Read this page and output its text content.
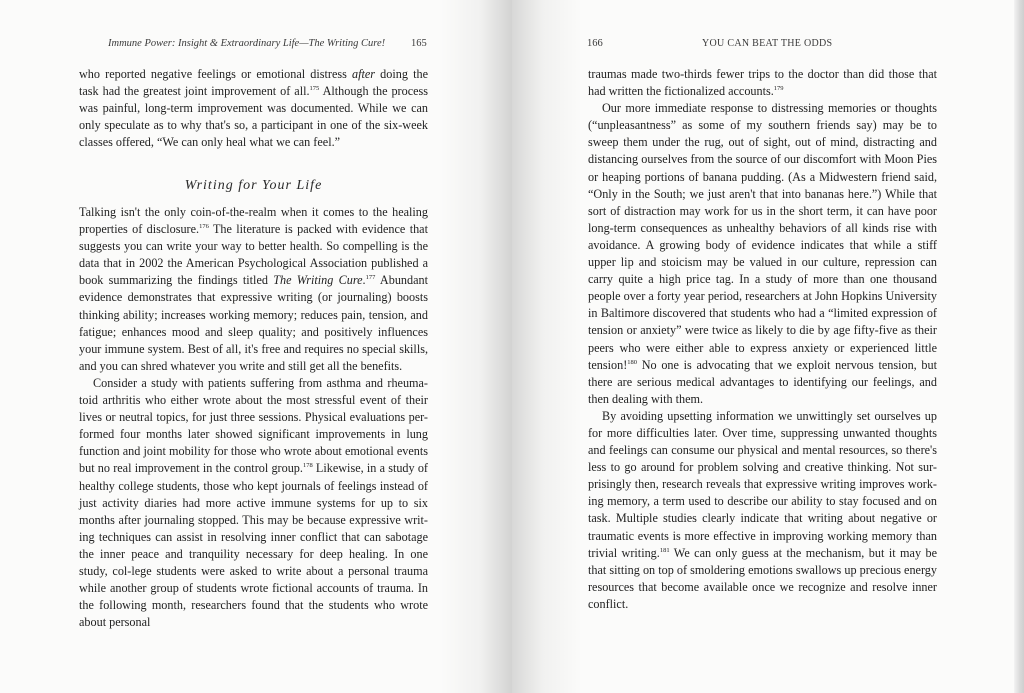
Immune Power: Insight & Extraordinary Life—The Writing Cure! 165

who reported negative feelings or emotional distress after doing the task had the greatest joint improvement of all.$^{175}$ Although the process was painful, long-term improvement was documented. While we can only speculate as to why that's so, a participant in one of the six-week classes offered, “We can only heal what we can feel.”

Writing for Your Life

Talking isn't the only coin-of-the-realm when it comes to the healing properties of disclosure.$^{176}$ The literature is packed with evidence that suggests you can write your way to better health. So compelling is the data that in 2002 the American Psychological Association published a book summarizing the findings titled The Writing Cure.$^{177}$ Abundant evidence demonstrates that expressive writing (or journaling) boosts thinking ability; increases working memory; reduces pain, tension, and fatigue; enhances mood and sleep quality; and positively influences your immune system. Best of all, it's free and requires no special skills, and you can shred whatever you write and still get all the benefits.

Consider a study with patients suffering from asthma and rheuma-toid arthritis who either wrote about the most stressful event of their lives or neutral topics, for just three sessions. Physical evaluations per-formed four months later showed significant improvements in lung function and joint mobility for those who wrote about emotional events but no real improvement in the control group.$^{178}$ Likewise, in a study of healthy college students, those who kept journals of feelings instead of just activity diaries had more active immune systems for up to six months after journaling stopped. This may be because expressive writ-ing techniques can assist in resolving inner conflict that can sabotage the inner peace and tranquility necessary for deep healing. In one study, col-lege students were asked to write about a personal trauma while another group of students wrote fictional accounts of trauma. In the following month, researchers found that the students who wrote about personal

166	YOU CAN BEAT THE ODDS

traumas made two-thirds fewer trips to the doctor than did those that had written the fictionalized accounts.$^{179}$

Our more immediate response to distressing memories or thoughts (“unpleasantness” as some of my southern friends say) may be to sweep them under the rug, out of sight, out of mind, distracting and distancing ourselves from the source of our discomfort with Moon Pies or heaping portions of banana pudding. (As a Midwestern friend said, “Only in the South; we just aren't that into bananas here.”) While that sort of distraction may work for us in the short term, it can have poor long-term consequences as unhealthy behaviors of all kinds rise with avoidance. A growing body of evidence indicates that while a stiff upper lip and stoicism may be valued in our culture, repression can carry quite a high price tag. In a study of more than one thousand people over a forty year period, researchers at John Hopkins University in Baltimore discovered that students who had a “limited expression of tension or anxiety” were twice as likely to die by age fifty-five as their peers who were either able to express anxiety or experienced little tension!$^{180}$ No one is advocating that we exploit nervous tension, but there are serious medical advantages to identifying our feelings, and then dealing with them.

By avoiding upsetting information we unwittingly set ourselves up for more difficulties later. Over time, suppressing unwanted thoughts and feelings can consume our physical and mental resources, so there's less to go around for problem solving and creative thinking. Not sur-prisingly then, research reveals that expressive writing improves work-ing memory, a term used to describe our ability to stay focused and on task. Multiple studies clearly indicate that writing about negative or traumatic events is more effective in improving working memory than trivial writing.$^{181}$ We can only guess at the mechanism, but it may be that sitting on top of smoldering emotions swallows up precious energy resources that become available once we recognize and resolve inner conflict.
